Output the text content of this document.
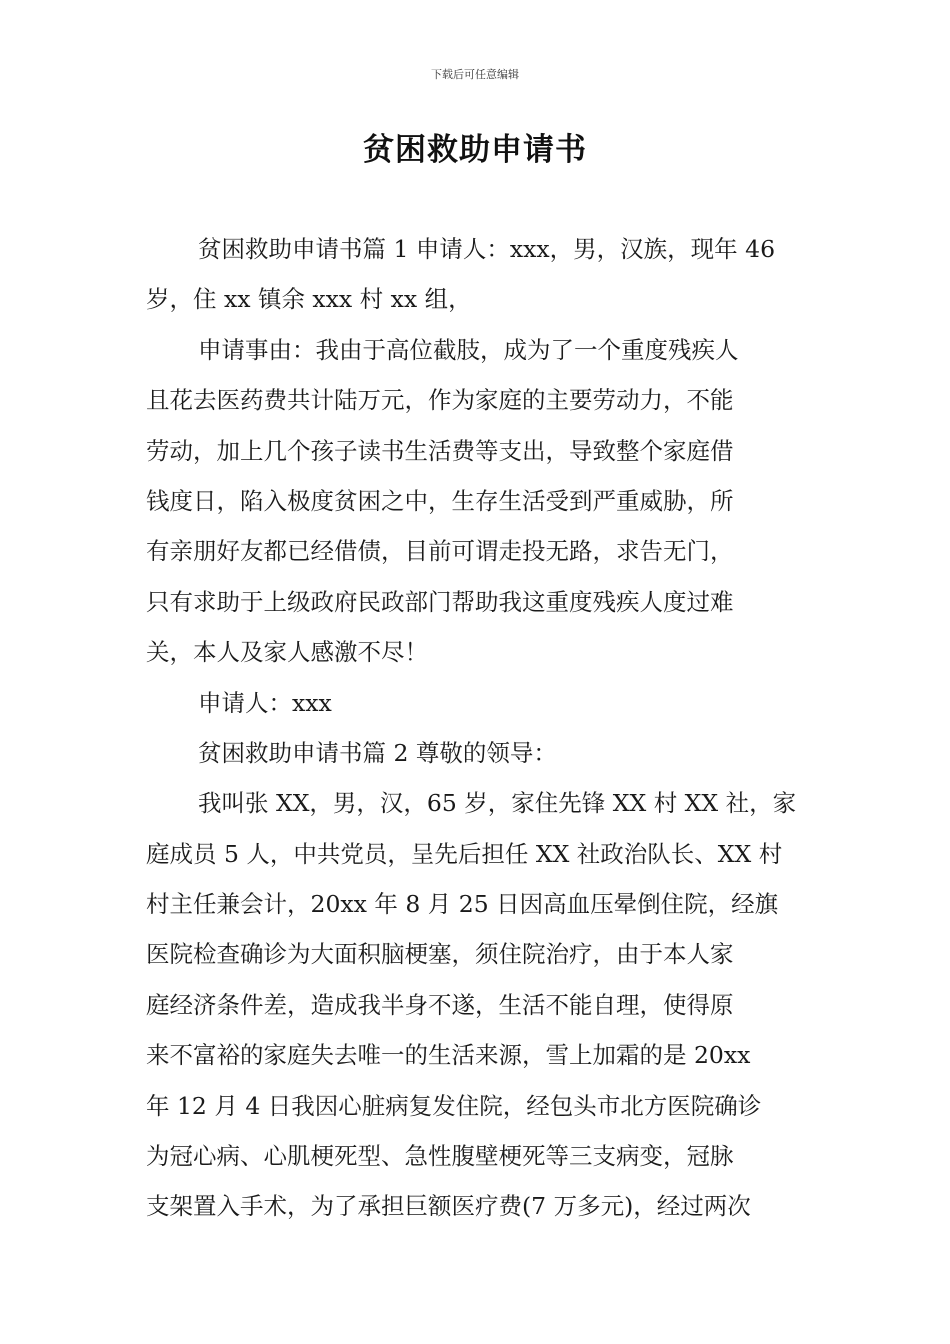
下载后可任意编辑
贫困救助申请书
贫困救助申请书篇 1 申请人：xxx，男，汉族，现年 46
岁，住 xx 镇余 xxx 村 xx 组，
申请事由：我由于高位截肢，成为了一个重度残疾人
且花去医药费共计陆万元，作为家庭的主要劳动力，不能
劳动，加上几个孩子读书生活费等支出，导致整个家庭借
钱度日，陷入极度贫困之中，生存生活受到严重威胁，所
有亲朋好友都已经借债，目前可谓走投无路，求告无门，
只有求助于上级政府民政部门帮助我这重度残疾人度过难
关，本人及家人感激不尽！
申请人：xxx
贫困救助申请书篇 2 尊敬的领导：
我叫张 XX，男，汉，65 岁，家住先锋 XX 村 XX 社，家
庭成员 5 人，中共党员，呈先后担任 XX 社政治队长、XX 村
村主任兼会计，20xx 年 8 月 25 日因高血压晕倒住院，经旗
医院检查确诊为大面积脑梗塞，须住院治疗，由于本人家
庭经济条件差，造成我半身不遂，生活不能自理，使得原
来不富裕的家庭失去唯一的生活来源，雪上加霜的是 20xx
年 12 月 4 日我因心脏病复发住院，经包头市北方医院确诊
为冠心病、心肌梗死型、急性腹壁梗死等三支病变，冠脉
支架置入手术，为了承担巨额医疗费(7 万多元)，经过两次
